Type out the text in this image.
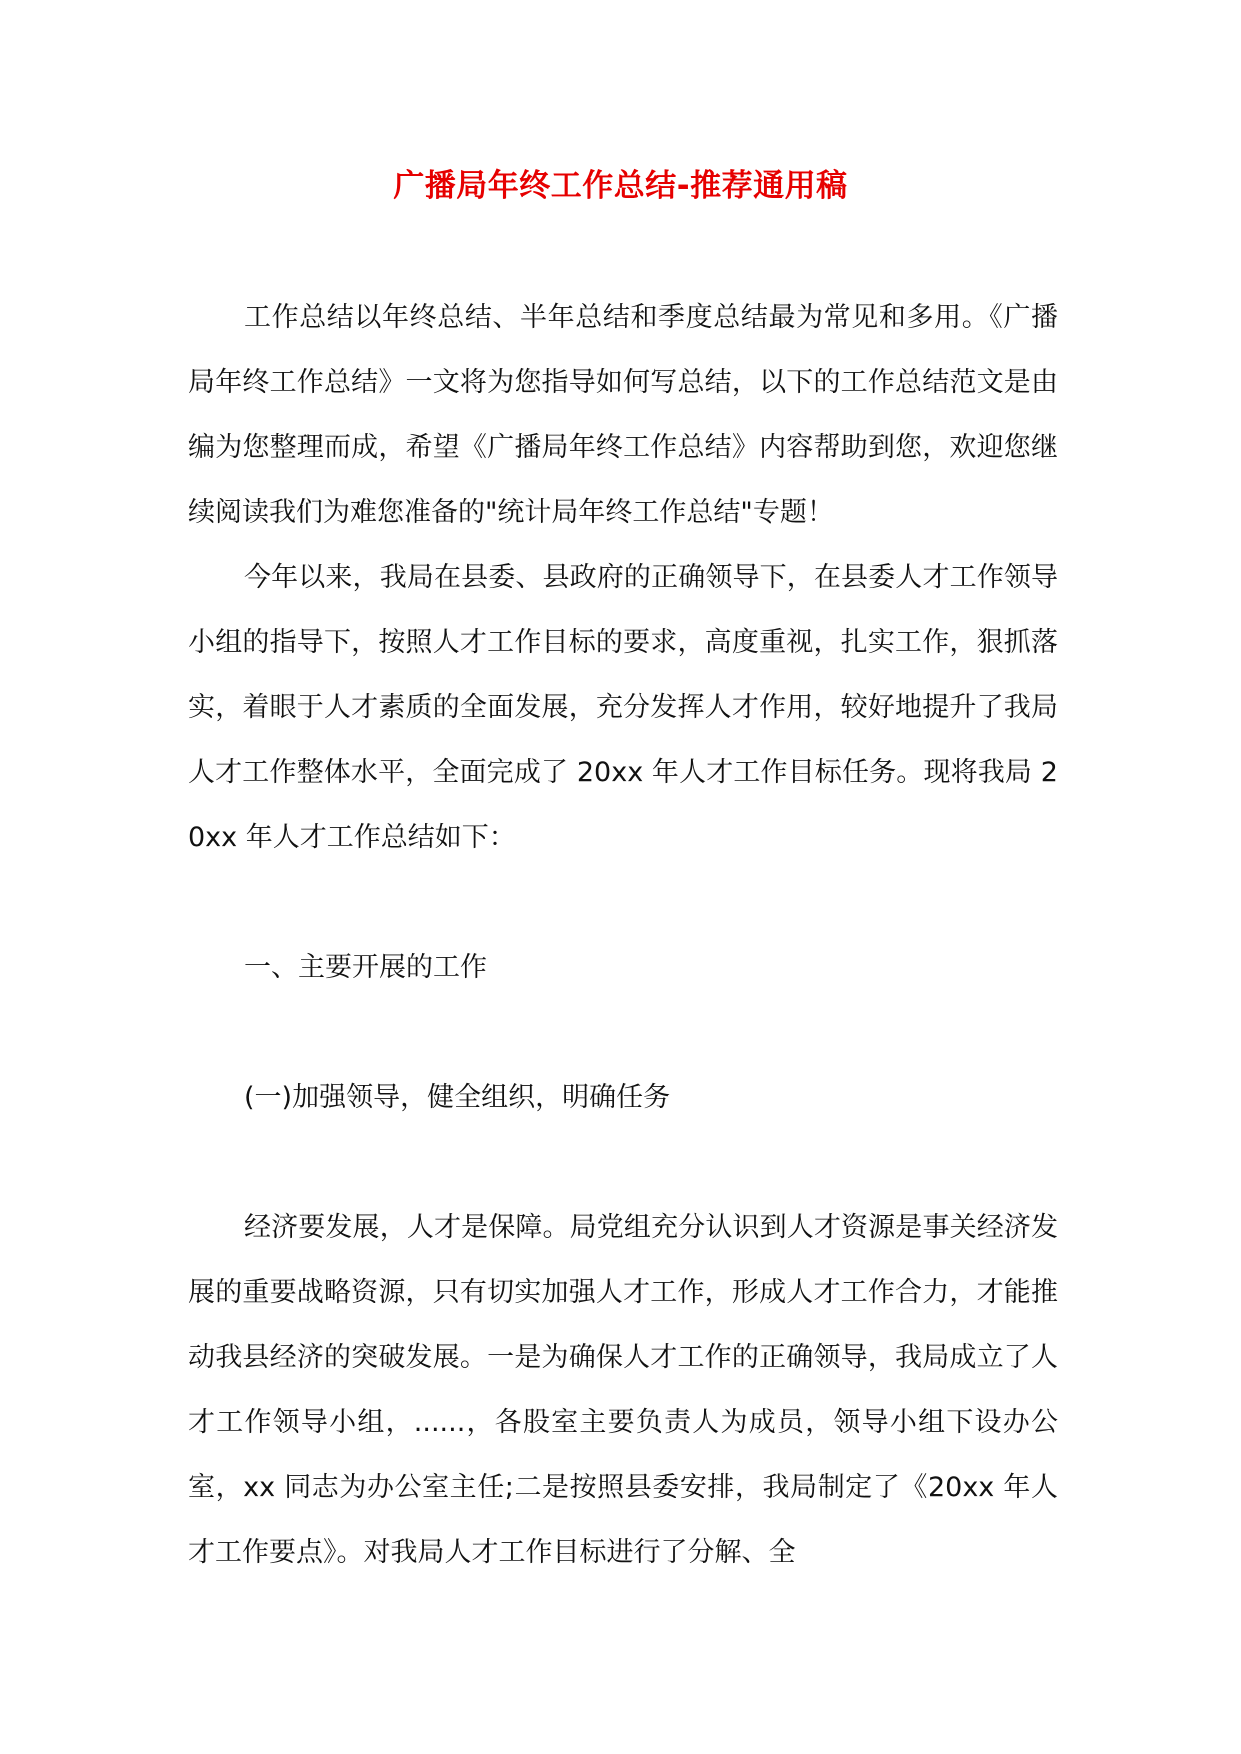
广播局年终工作总结-推荐通用稿

工作总结以年终总结、半年总结和季度总结最为常见和多用。《广播局年终工作总结》一文将为您指导如何写总结，以下的工作总结范文是由编为您整理而成，希望《广播局年终工作总结》内容帮助到您，欢迎您继续阅读我们为难您准备的"统计局年终工作总结"专题！

今年以来，我局在县委、县政府的正确领导下，在县委人才工作领导小组的指导下，按照人才工作目标的要求，高度重视，扎实工作，狠抓落实，着眼于人才素质的全面发展，充分发挥人才作用，较好地提升了我局人才工作整体水平，全面完成了 20xx 年人才工作目标任务。现将我局 20xx 年人才工作总结如下：

一、主要开展的工作

(一)加强领导，健全组织，明确任务

经济要发展，人才是保障。局党组充分认识到人才资源是事关经济发展的重要战略资源，只有切实加强人才工作，形成人才工作合力，才能推动我县经济的突破发展。一是为确保人才工作的正确领导，我局成立了人才工作领导小组，......，各股室主要负责人为成员，领导小组下设办公室，xx 同志为办公室主任;二是按照县委安排，我局制定了《20xx 年人才工作要点》。对我局人才工作目标进行了分解、全
